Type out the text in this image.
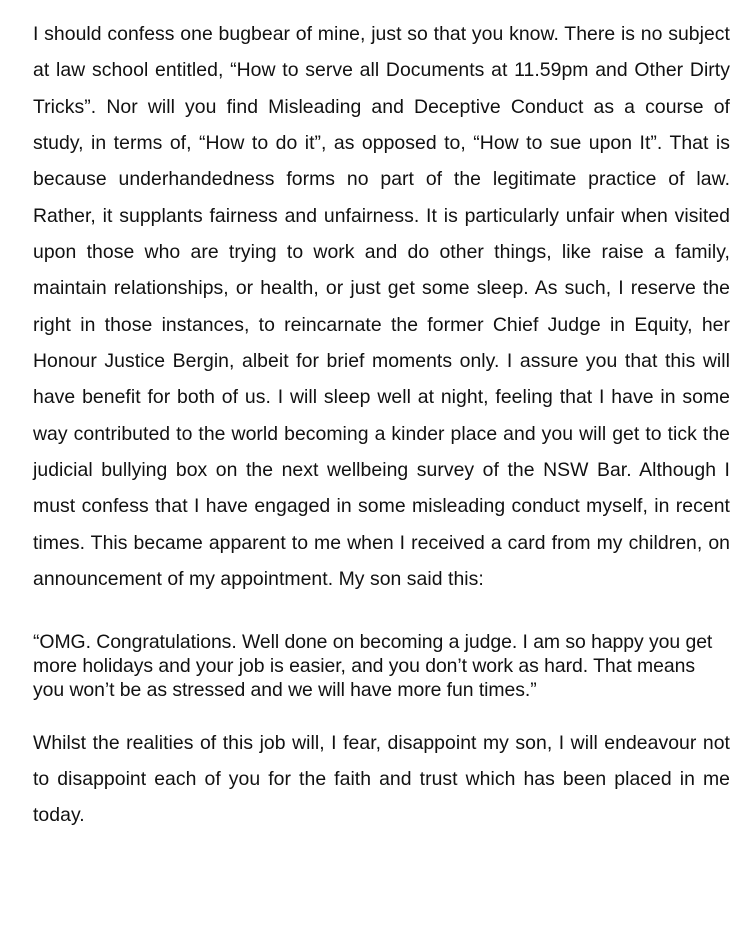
I should confess one bugbear of mine, just so that you know. There is no subject at law school entitled, “How to serve all Documents at 11.59pm and Other Dirty Tricks”. Nor will you find Misleading and Deceptive Conduct as a course of study, in terms of, “How to do it”, as opposed to, “How to sue upon It”. That is because underhandedness forms no part of the legitimate practice of law. Rather, it supplants fairness and unfairness. It is particularly unfair when visited upon those who are trying to work and do other things, like raise a family, maintain relationships, or health, or just get some sleep. As such, I reserve the right in those instances, to reincarnate the former Chief Judge in Equity, her Honour Justice Bergin, albeit for brief moments only. I assure you that this will have benefit for both of us. I will sleep well at night, feeling that I have in some way contributed to the world becoming a kinder place and you will get to tick the judicial bullying box on the next wellbeing survey of the NSW Bar. Although I must confess that I have engaged in some misleading conduct myself, in recent times. This became apparent to me when I received a card from my children, on announcement of my appointment. My son said this:

“OMG. Congratulations. Well done on becoming a judge. I am so happy you get more holidays and your job is easier, and you don’t work as hard. That means you won’t be as stressed and we will have more fun times.”

Whilst the realities of this job will, I fear, disappoint my son, I will endeavour not to disappoint each of you for the faith and trust which has been placed in me today.
